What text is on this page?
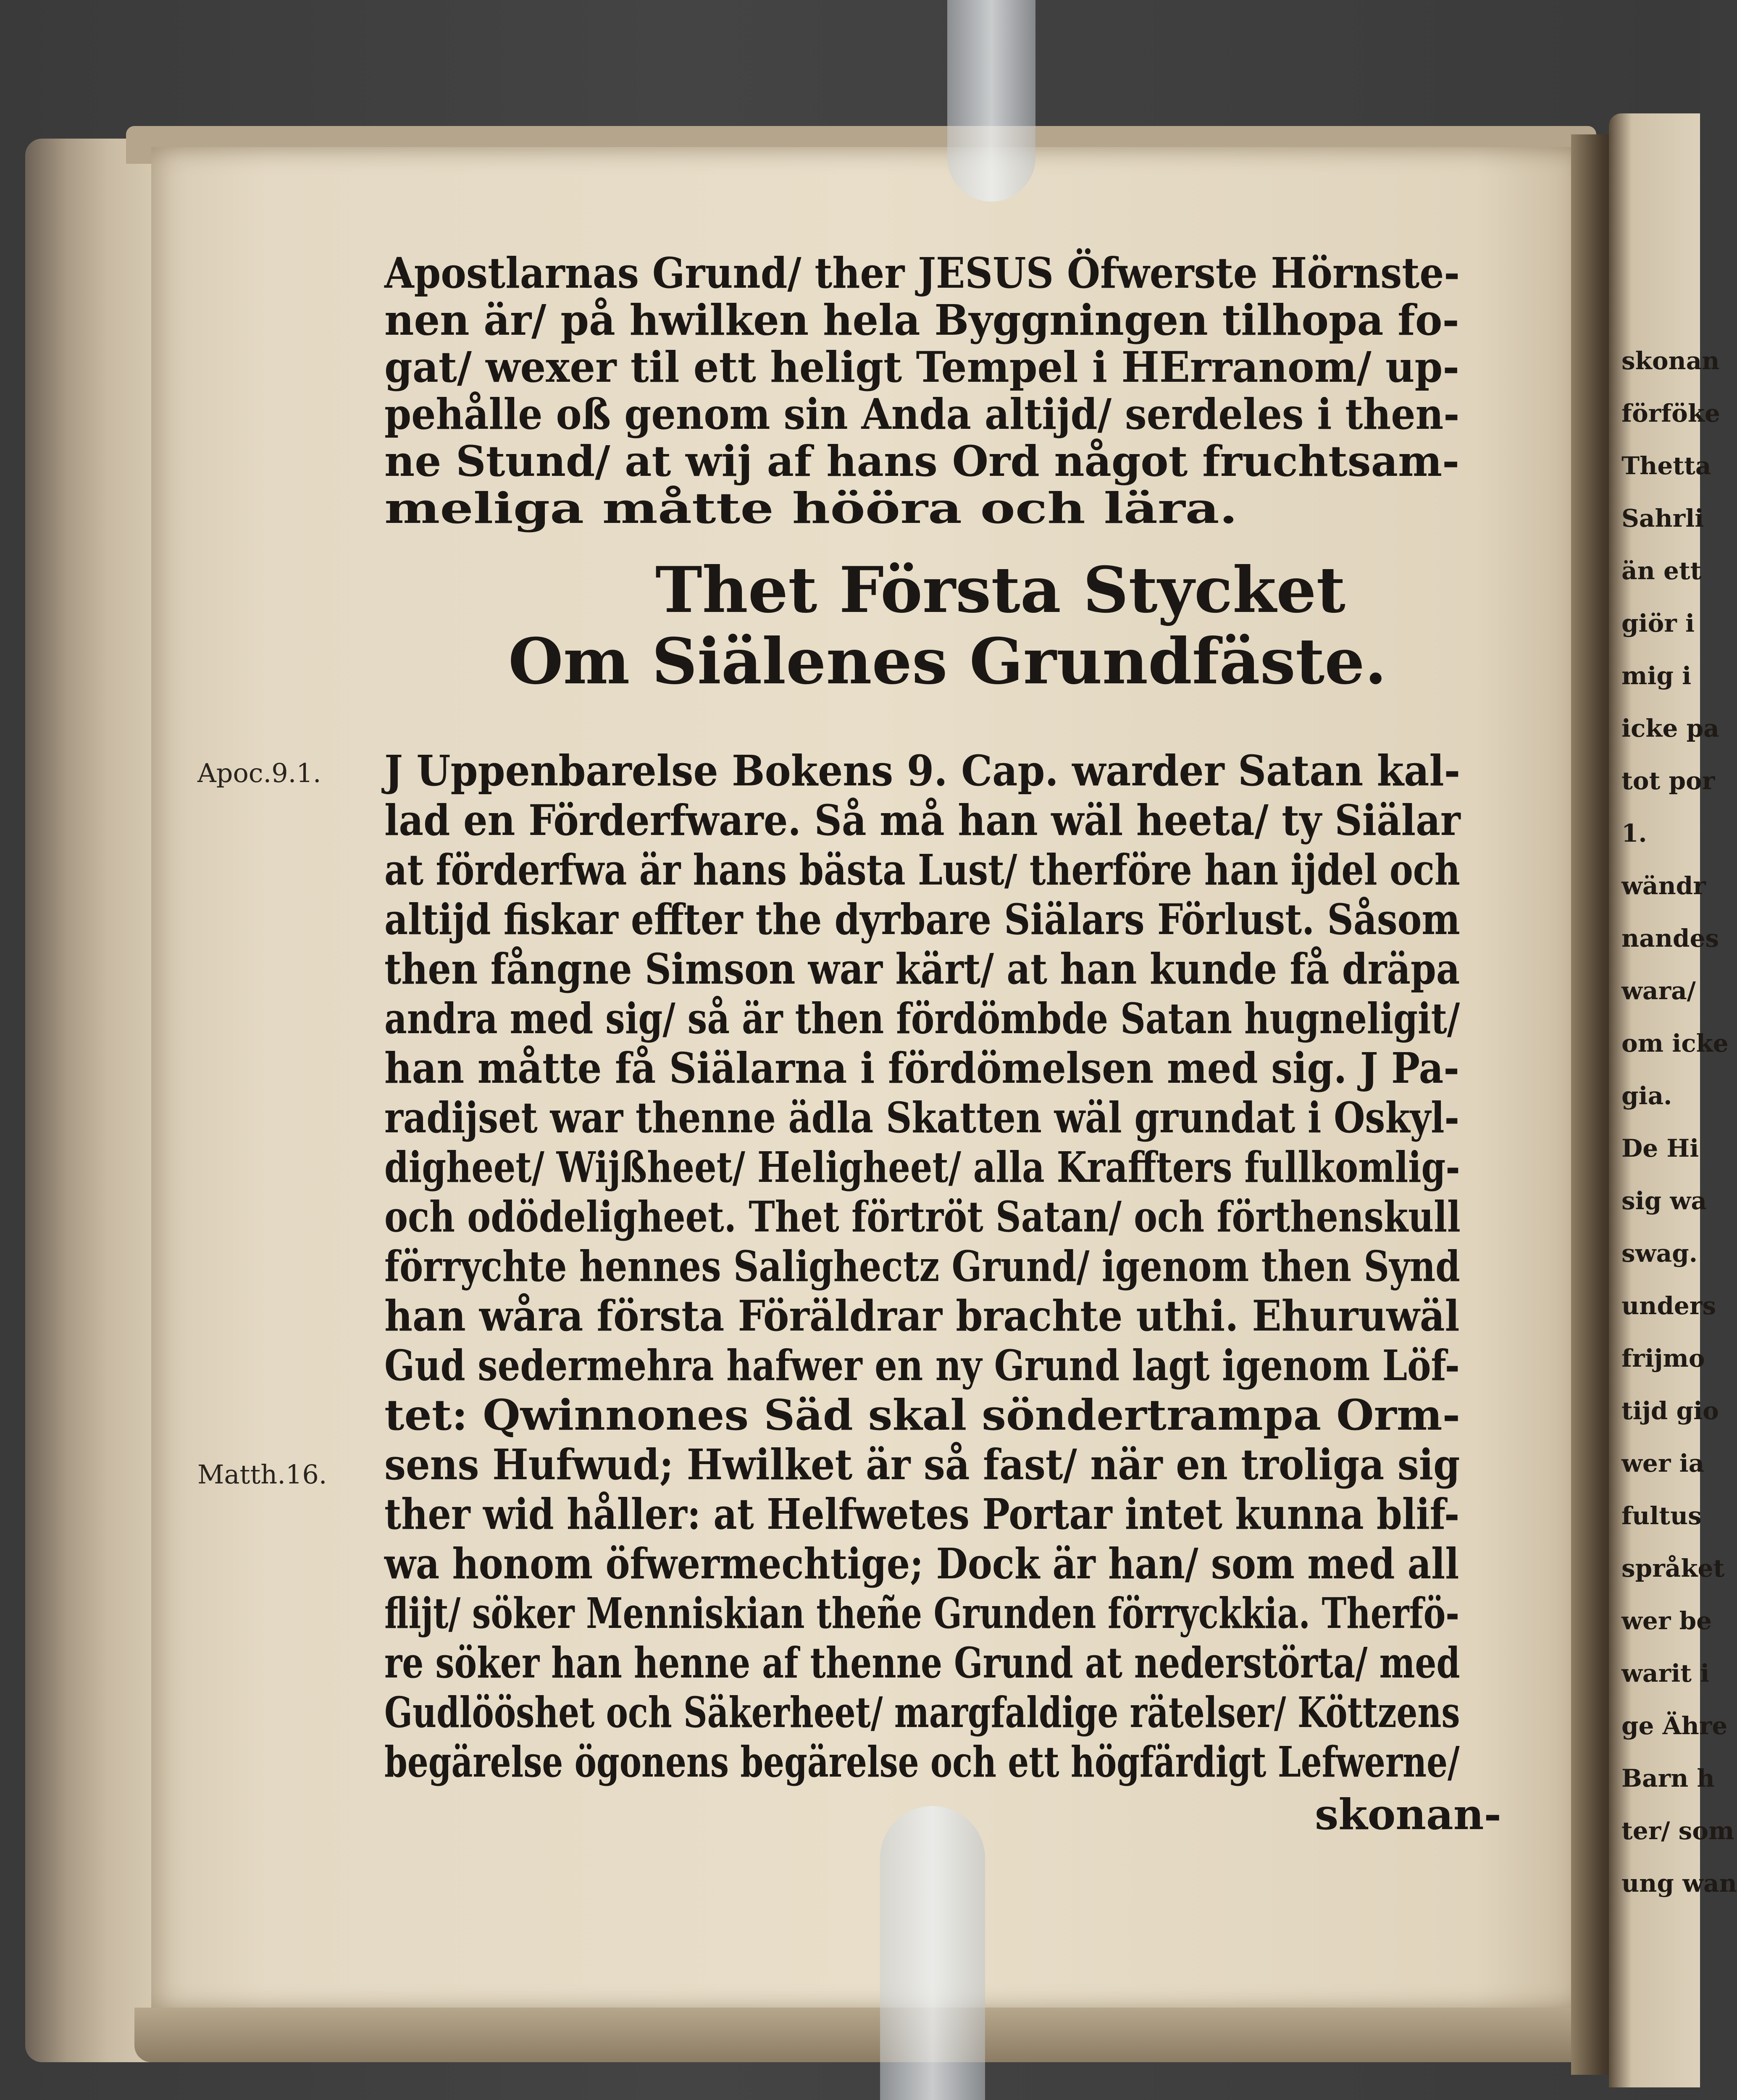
skonan
förföke
Thetta
Sahrli
än ett
giör i
mig i
icke pa
tot por
1.
wändr
nandes
wara/
om icke
gia.
De Hi
sig wa
swag.
unders
frijmo
tijd gio
wer ia
fultus
språket
wer be
warit i
ge Ähre
Barn h
ter/ som
ung wan
Apostlarnas Grund/ ther JESUS Öfwerste Hörnste-
nen är/ på hwilken hela Byggningen tilhopa fo-
gat/ wexer til ett heligt Tempel i HErranom/ up-
pehålle oß genom sin Anda altijd/ serdeles i then-
ne Stund/ at wij af hans Ord något fruchtsam-
meliga måtte hööra och lära.
Thet Första Stycket
Om Siälenes Grundfäste.
J Uppenbarelse Bokens 9. Cap. warder Satan kal-
lad en Förderfware. Så må han wäl heeta/ ty Siälar
at förderfwa är hans bästa Lust/ therföre han ijdel och
altijd fiskar effter the dyrbare Siälars Förlust. Såsom
then fångne Simson war kärt/ at han kunde få dräpa
andra med sig/ så är then fördömbde Satan hugneligit/
han måtte få Siälarna i fördömelsen med sig. J Pa-
radijset war thenne ädla Skatten wäl grundat i Oskyl-
digheet/ Wijßheet/ Heligheet/ alla Kraffters fullkomlig-
och odödeligheet. Thet förtröt Satan/ och förthenskull
förrychte hennes Salighectz Grund/ igenom then Synd
han wåra första Föräldrar brachte uthi. Ehuruwäl
Gud sedermehra hafwer en ny Grund lagt igenom Löf-
tet: Qwinnones Säd skal söndertrampa Orm-
sens Hufwud; Hwilket är så fast/ när en troliga sig
ther wid håller: at Helfwetes Portar intet kunna blif-
wa honom öfwermechtige; Dock är han/ som med all
flijt/ söker Menniskian theñe Grunden förryckkia. Therfö-
re söker han henne af thenne Grund at nederstörta/ med
Gudlööshet och Säkerheet/ margfaldige rätelser/ Köttzens
begärelse ögonens begärelse och ett högfärdigt Lefwerne/
skonan-
Apoc.9.1.
Matth.16.
